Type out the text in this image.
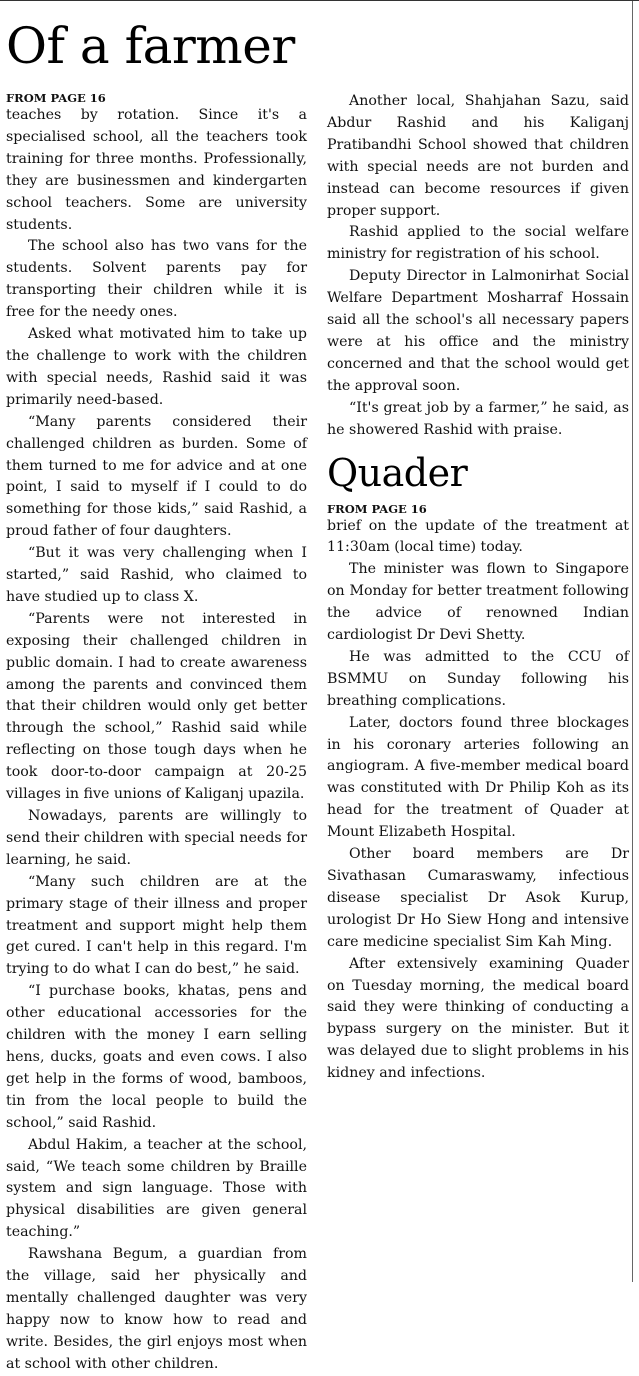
Of a farmer
FROM PAGE 16

teaches by rotation. Since it's a specialised school, all the teachers took training for three months. Professionally, they are businessmen and kindergarten school teachers. Some are university students.

The school also has two vans for the students. Solvent parents pay for transporting their children while it is free for the needy ones.

Asked what motivated him to take up the challenge to work with the children with special needs, Rashid said it was primarily need-based.

“Many parents considered their challenged children as burden. Some of them turned to me for advice and at one point, I said to myself if I could to do something for those kids,” said Rashid, a proud father of four daughters.

“But it was very challenging when I started,” said Rashid, who claimed to have studied up to class X.

“Parents were not interested in exposing their challenged children in public domain. I had to create awareness among the parents and convinced them that their children would only get better through the school,” Rashid said while reflecting on those tough days when he took door-to-door campaign at 20-25 villages in five unions of Kaliganj upazila.

Nowadays, parents are willingly to send their children with special needs for learning, he said.

“Many such children are at the primary stage of their illness and proper treatment and support might help them get cured. I can't help in this regard. I'm trying to do what I can do best,” he said.

“I purchase books, khatas, pens and other educational accessories for the children with the money I earn selling hens, ducks, goats and even cows. I also get help in the forms of wood, bamboos, tin from the local people to build the school,” said Rashid.

Abdul Hakim, a teacher at the school, said, “We teach some children by Braille system and sign language. Those with physical disabilities are given general teaching.”

Rawshana Begum, a guardian from the village, said her physically and mentally challenged daughter was very happy now to know how to read and write. Besides, the girl enjoys most when at school with other children.

Another local, Shahjahan Sazu, said Abdur Rashid and his Kaliganj Pratibandhi School showed that children with special needs are not burden and instead can become resources if given proper support.

Rashid applied to the social welfare ministry for registration of his school.

Deputy Director in Lalmonirhat Social Welfare Department Mosharraf Hossain said all the school's all necessary papers were at his office and the ministry concerned and that the school would get the approval soon.

“It's great job by a farmer,” he said, as he showered Rashid with praise.

Quader
FROM PAGE 16

brief on the update of the treatment at 11:30am (local time) today.

The minister was flown to Singapore on Monday for better treatment following the advice of renowned Indian cardiologist Dr Devi Shetty.

He was admitted to the CCU of BSMMU on Sunday following his breathing complications.

Later, doctors found three blockages in his coronary arteries following an angiogram. A five-member medical board was constituted with Dr Philip Koh as its head for the treatment of Quader at Mount Elizabeth Hospital.

Other board members are Dr Sivathasan Cumaraswamy, infectious disease specialist Dr Asok Kurup, urologist Dr Ho Siew Hong and intensive care medicine specialist Sim Kah Ming.

After extensively examining Quader on Tuesday morning, the medical board said they were thinking of conducting a bypass surgery on the minister. But it was delayed due to slight problems in his kidney and infections.
